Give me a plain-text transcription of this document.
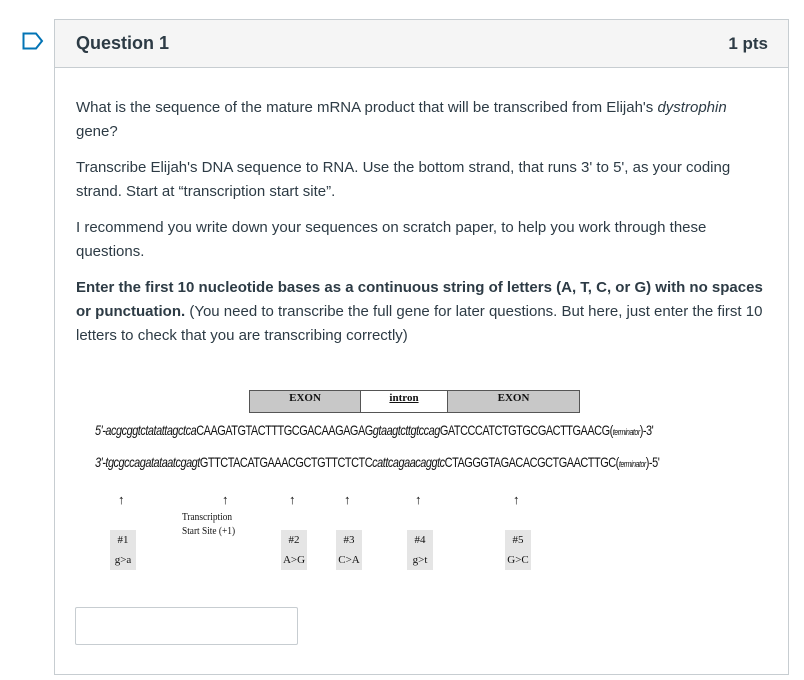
Question 1	1 pts

What is the sequence of the mature mRNA product that will be transcribed from Elijah's dystrophin gene?

Transcribe Elijah's DNA sequence to RNA. Use the bottom strand, that runs 3' to 5', as your coding strand. Start at “transcription start site”.

I recommend you write down your sequences on scratch paper, to help you work through these questions.

Enter the first 10 nucleotide bases as a continuous string of letters (A, T, C, or G) with no spaces or punctuation. (You need to transcribe the full gene for later questions. But here, just enter the first 10 letters to check that you are transcribing correctly)

EXON	intron	EXON
5'-acgcggtctatattagctcaCAAGATGTACTTTGCGACAAGAGAGgtaagtcttgtccagGATCCCATCTGTGCGACTTGAACG(terminator)-3'
3'-tgcgccagatataatcgagtGTTCTACATGAAACGCTGTTCTCTCcattcagaacaggtcCTAGGGTAGACACGCTGAACTTGC(terminator)-5'
↑	↑	↑	↑	↑	↑
Transcription
Start Site (+1)
#1
g>a
#2
A>G
#3
C>A
#4
g>t
#5
G>C
